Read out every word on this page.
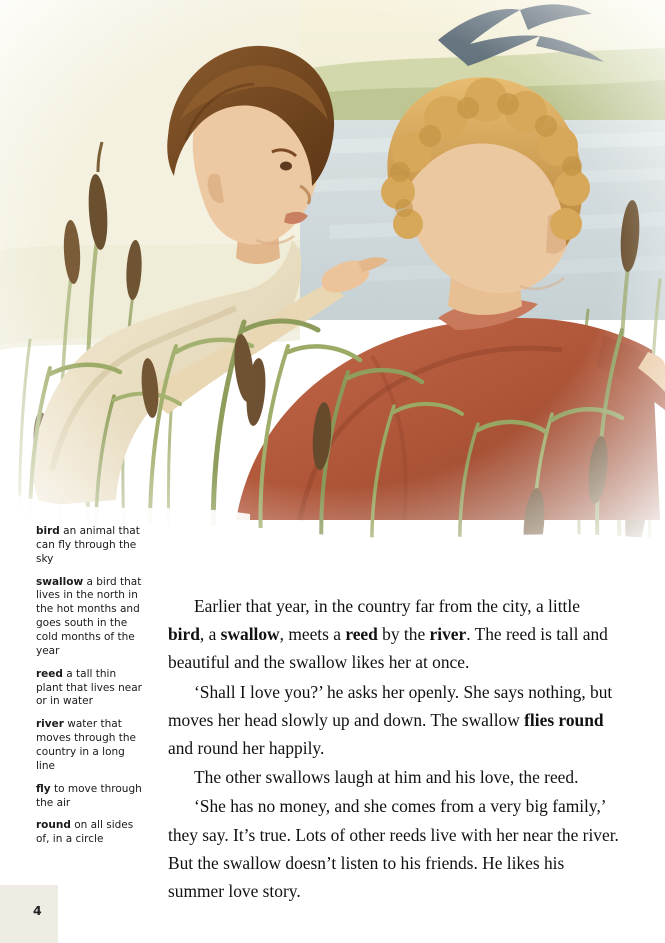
bird an animal that can fly through the sky
swallow a bird that lives in the north in the hot months and goes south in the cold months of the year
reed a tall thin plant that lives near or in water
river water that moves through the country in a long line
fly to move through the air
round on all sides of, in a circle
Earlier that year, in the country far from the city, a little bird, a swallow, meets a reed by the river. The reed is tall and beautiful and the swallow likes her at once.
‘Shall I love you?’ he asks her openly. She says nothing, but moves her head slowly up and down. The swallow flies round and round her happily.
The other swallows laugh at him and his love, the reed.
‘She has no money, and she comes from a very big family,’ they say. It’s true. Lots of other reeds live with her near the river. But the swallow doesn’t listen to his friends. He likes his summer love story.
4
